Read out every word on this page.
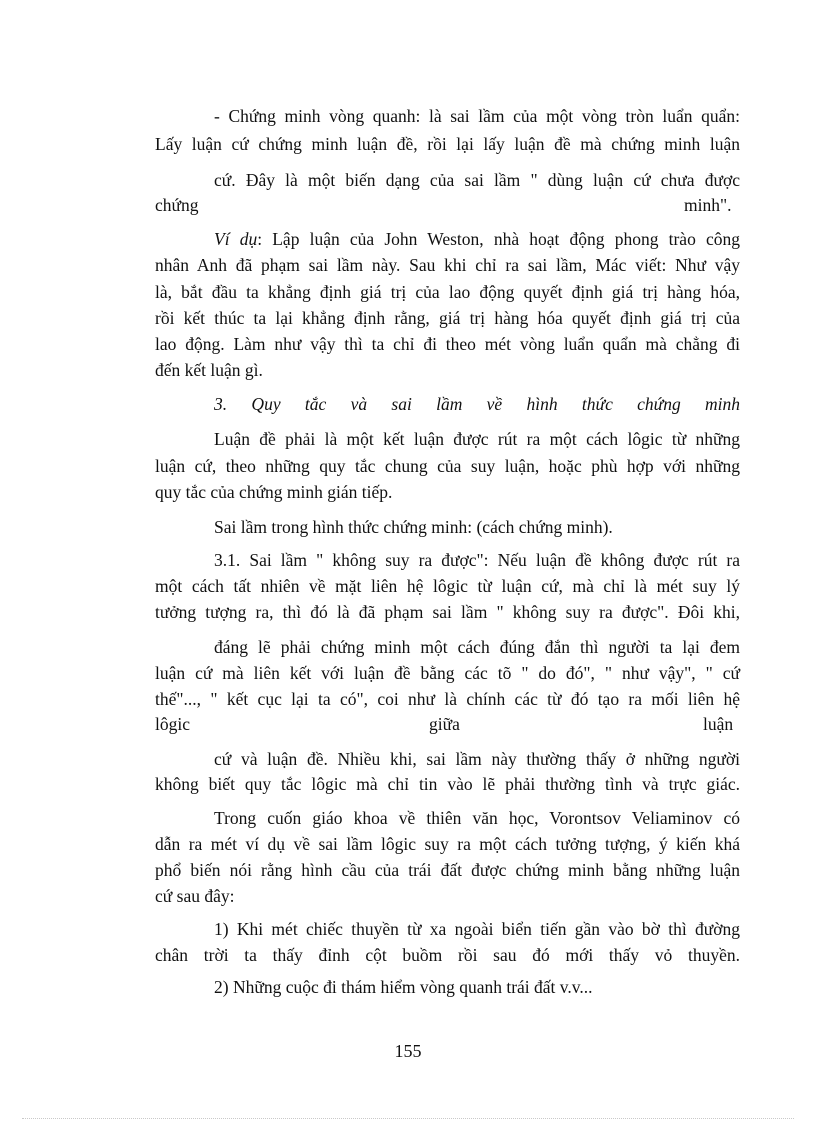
- Chứng minh vòng quanh: là sai lầm của một vòng tròn luẩn quẩn:
Lấy luận cứ chứng minh luận đề, rồi lại lấy luận đề mà chứng minh luận
cứ. Đây là một biến dạng của sai lầm " dùng luận cứ chưa được
chứng	minh".
Ví dụ: Lập luận của John Weston, nhà hoạt động phong trào công
nhân Anh đã phạm sai lầm này. Sau khi chỉ ra sai lầm, Mác viết: Như vậy
là, bắt đầu ta khẳng định giá trị của lao động quyết định giá trị hàng hóa,
rồi kết thúc ta lại khẳng định rằng, giá trị hàng hóa quyết định giá trị của
lao động. Làm như vậy thì ta chỉ đi theo mét vòng luẩn quẩn mà chẳng đi
đến kết luận gì.
3. Quy tắc và sai lầm về hình thức chứng minh
Luận đề phải là một kết luận được rút ra một cách lôgic từ những
luận cứ, theo những quy tắc chung của suy luận, hoặc phù hợp với những
quy tắc của chứng minh gián tiếp.
Sai lầm trong hình thức chứng minh: (cách chứng minh).
3.1. Sai lầm " không suy ra được": Nếu luận đề không được rút ra
một cách tất nhiên về mặt liên hệ lôgic từ luận cứ, mà chỉ là mét suy lý
tưởng tượng ra, thì đó là đã phạm sai lầm " không suy ra được". Đôi khi,
đáng lẽ phải chứng minh một cách đúng đắn thì người ta lại đem
luận cứ mà liên kết với luận đề bằng các tõ " do đó", " như vậy", " cứ
thế"..., " kết cục lại ta có", coi như là chính các từ đó tạo ra mối liên hệ
lôgic	giữa	luận
cứ và luận đề. Nhiều khi, sai lầm này thường thấy ở những người
không biết quy tắc lôgic mà chỉ tin vào lẽ phải thường tình và trực giác.
Trong cuốn giáo khoa về thiên văn học, Vorontsov Veliaminov có
dẫn ra mét ví dụ về sai lầm lôgic suy ra một cách tưởng tượng, ý kiến khá
phổ biến nói rằng hình cầu của trái đất được chứng minh bằng những luận
cứ sau đây:
1) Khi mét chiếc thuyền từ xa ngoài biển tiến gần vào bờ thì đường
chân trời ta thấy đỉnh cột buồm rồi sau đó mới thấy vỏ thuyền.
2) Những cuộc đi thám hiểm vòng quanh trái đất v.v...
155
